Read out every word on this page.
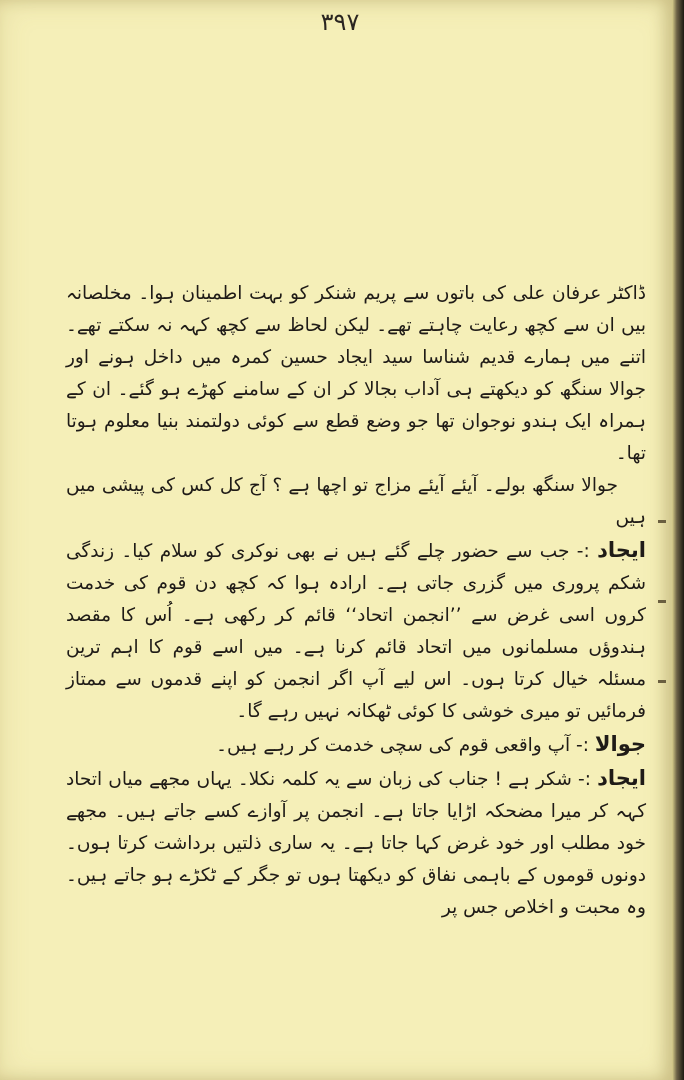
۳۹۷

ڈاکٹر عرفان علی کی باتوں سے پریم شنکر کو بہت اطمینان ہوا۔ مخلصانہ بیں ان سے کچھ رعایت چاہتے تھے۔ لیکن لحاظ سے کچھ کہہ نہ سکتے تھے۔ اتنے میں ہمارے قدیم شناسا سید ایجاد حسین کمرہ میں داخل ہونے اور جوالا سنگھ کو دیکھتے ہی آداب بجالا کر ان کے سامنے کھڑے ہو گئے۔ ان کے ہمراہ ایک ہندو نوجوان تھا جو وضع قطع سے کوئی دولتمند بنیا معلوم ہوتا تھا۔

جوالا سنگھ بولے۔ آیئے آیئے مزاج تو اچھا ہے ؟ آج کل کس کی پیشی میں ہیں

ایجاد :- جب سے حضور چلے گئے ہیں نے بھی نوکری کو سلام کیا۔ زندگی شکم پروری میں گزری جاتی ہے۔ ارادہ ہوا کہ کچھ دن قوم کی خدمت کروں اسی غرض سے ’’انجمن اتحاد‘‘ قائم کر رکھی ہے۔ اُس کا مقصد ہندوؤں مسلمانوں میں اتحاد قائم کرنا ہے۔ میں اسے قوم کا اہم ترین مسئلہ خیال کرتا ہوں۔ اس لیے آپ اگر انجمن کو اپنے قدموں سے ممتاز فرمائیں تو میری خوشی کا کوئی ٹھکانہ نہیں رہے گا۔

جوالا :- آپ واقعی قوم کی سچی خدمت کر رہے ہیں۔

ایجاد :- شکر ہے ! جناب کی زبان سے یہ کلمہ نکلا۔ یہاں مجھے میاں اتحاد کہہ کر میرا مضحکہ اڑایا جاتا ہے۔ انجمن پر آوازے کسے جاتے ہیں۔ مجھے خود مطلب اور خود غرض کہا جاتا ہے۔ یہ ساری ذلتیں برداشت کرتا ہوں۔ دونوں قوموں کے باہمی نفاق کو دیکھتا ہوں تو جگر کے ٹکڑے ہو جاتے ہیں۔ وہ محبت و اخلاص جس پر
